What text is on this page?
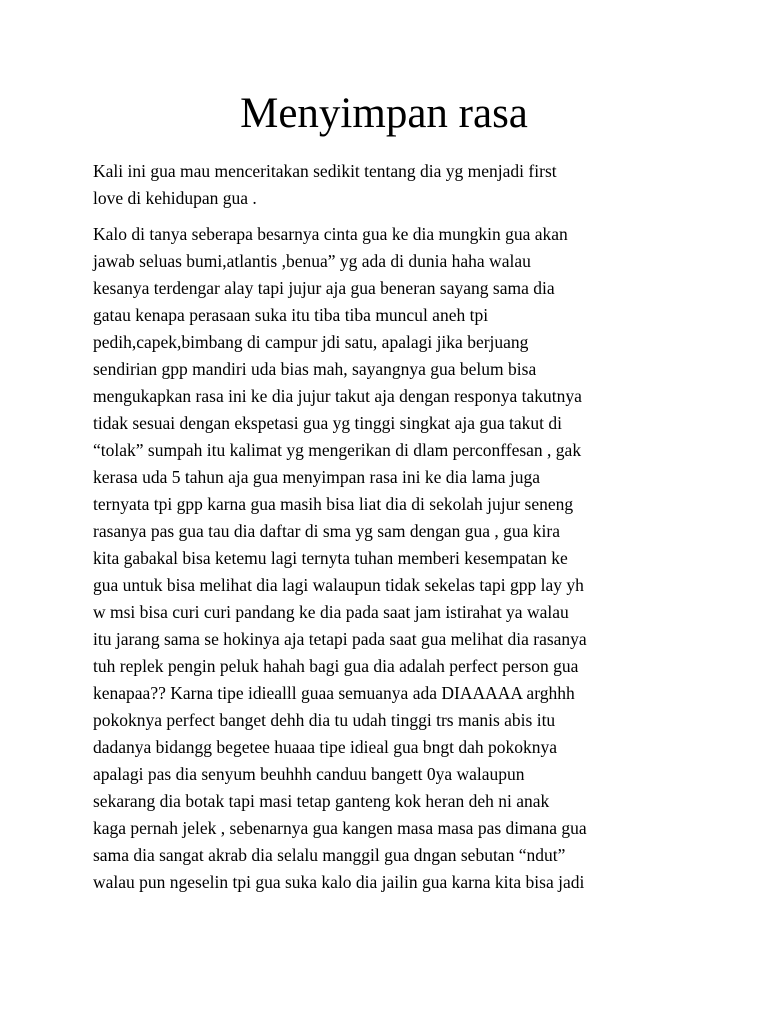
Menyimpan rasa
Kali ini gua mau menceritakan sedikit tentang dia yg menjadi first
love di kehidupan gua .
Kalo di tanya seberapa besarnya cinta gua ke dia mungkin gua akan
jawab seluas bumi,atlantis ,benua” yg ada di dunia haha walau
kesanya terdengar alay tapi jujur aja gua beneran sayang sama dia
gatau kenapa perasaan suka itu tiba tiba muncul aneh tpi
pedih,capek,bimbang di campur jdi satu, apalagi jika berjuang
sendirian gpp mandiri uda bias mah, sayangnya gua belum bisa
mengukapkan rasa ini ke dia jujur takut aja dengan responya takutnya
tidak sesuai dengan ekspetasi gua yg tinggi singkat aja gua takut di
“tolak” sumpah itu kalimat yg mengerikan di dlam perconffesan , gak
kerasa uda 5 tahun aja gua menyimpan rasa ini ke dia lama juga
ternyata tpi gpp karna gua masih bisa liat dia di sekolah jujur seneng
rasanya pas gua tau dia daftar di sma yg sam dengan gua , gua kira
kita gabakal bisa ketemu lagi ternyta tuhan memberi kesempatan ke
gua untuk bisa melihat dia lagi walaupun tidak sekelas tapi gpp lay yh
w msi bisa curi curi pandang ke dia pada saat jam istirahat ya walau
itu jarang sama se hokinya aja tetapi pada saat gua melihat dia rasanya
tuh replek pengin peluk hahah bagi gua dia adalah perfect person gua
kenapaa?? Karna tipe idiealll guaa semuanya ada DIAAAAA arghhh
pokoknya perfect banget dehh dia tu udah tinggi trs manis abis itu
dadanya bidangg begetee huaaa tipe idieal gua bngt dah pokoknya
apalagi pas dia senyum beuhhh canduu bangett 0ya walaupun
sekarang dia botak tapi masi tetap ganteng kok heran deh ni anak
kaga pernah jelek , sebenarnya gua kangen masa masa pas dimana gua
sama dia sangat akrab dia selalu manggil gua dngan sebutan “ndut”
walau pun ngeselin tpi gua suka kalo dia jailin gua karna kita bisa jadi
